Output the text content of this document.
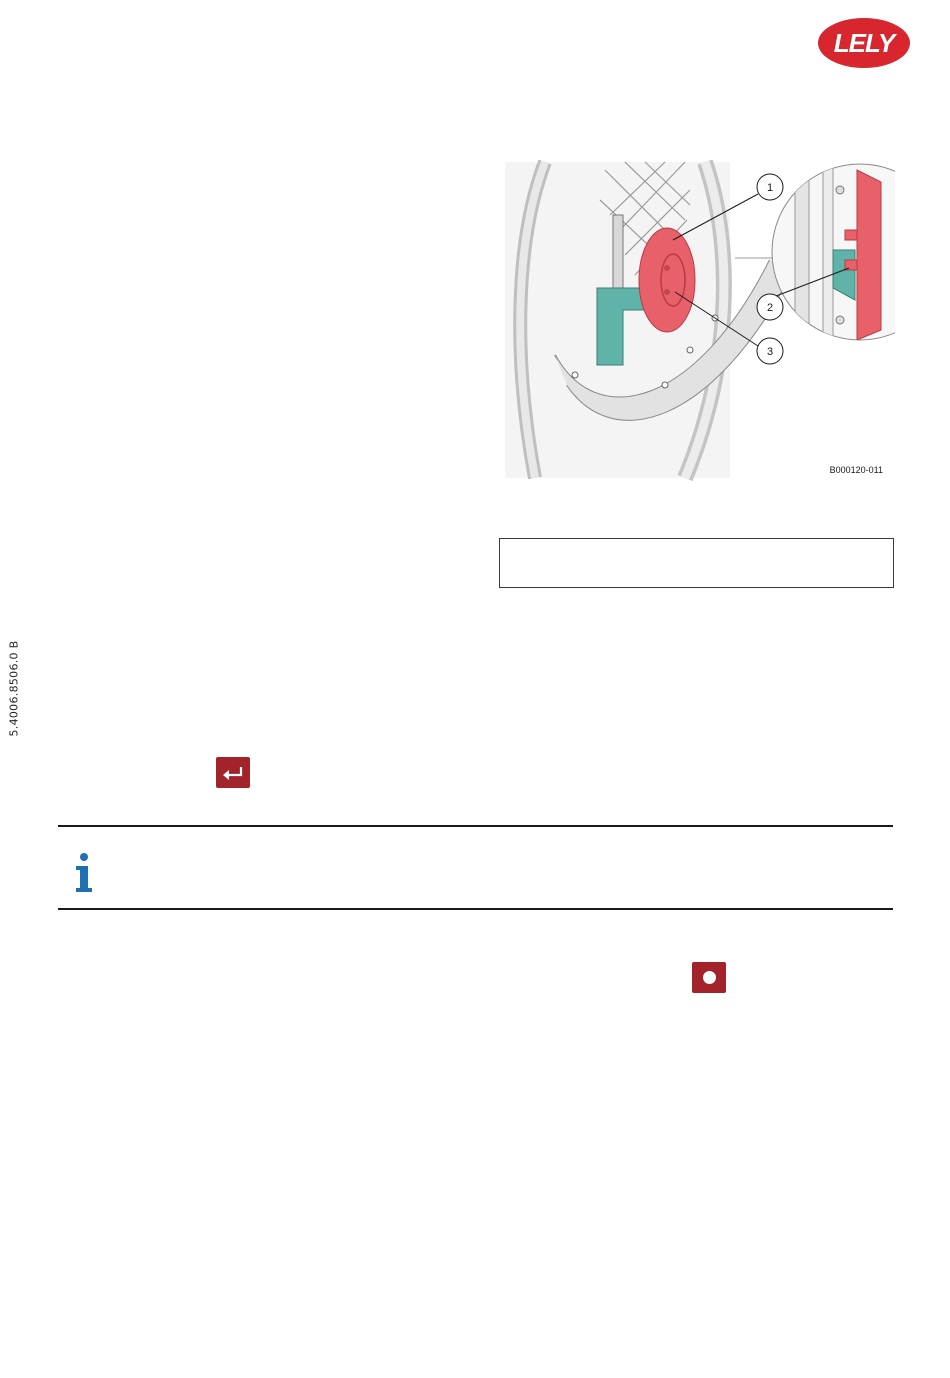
LELY
5.4006.8506.0 B
1
2
3
B000120-011
